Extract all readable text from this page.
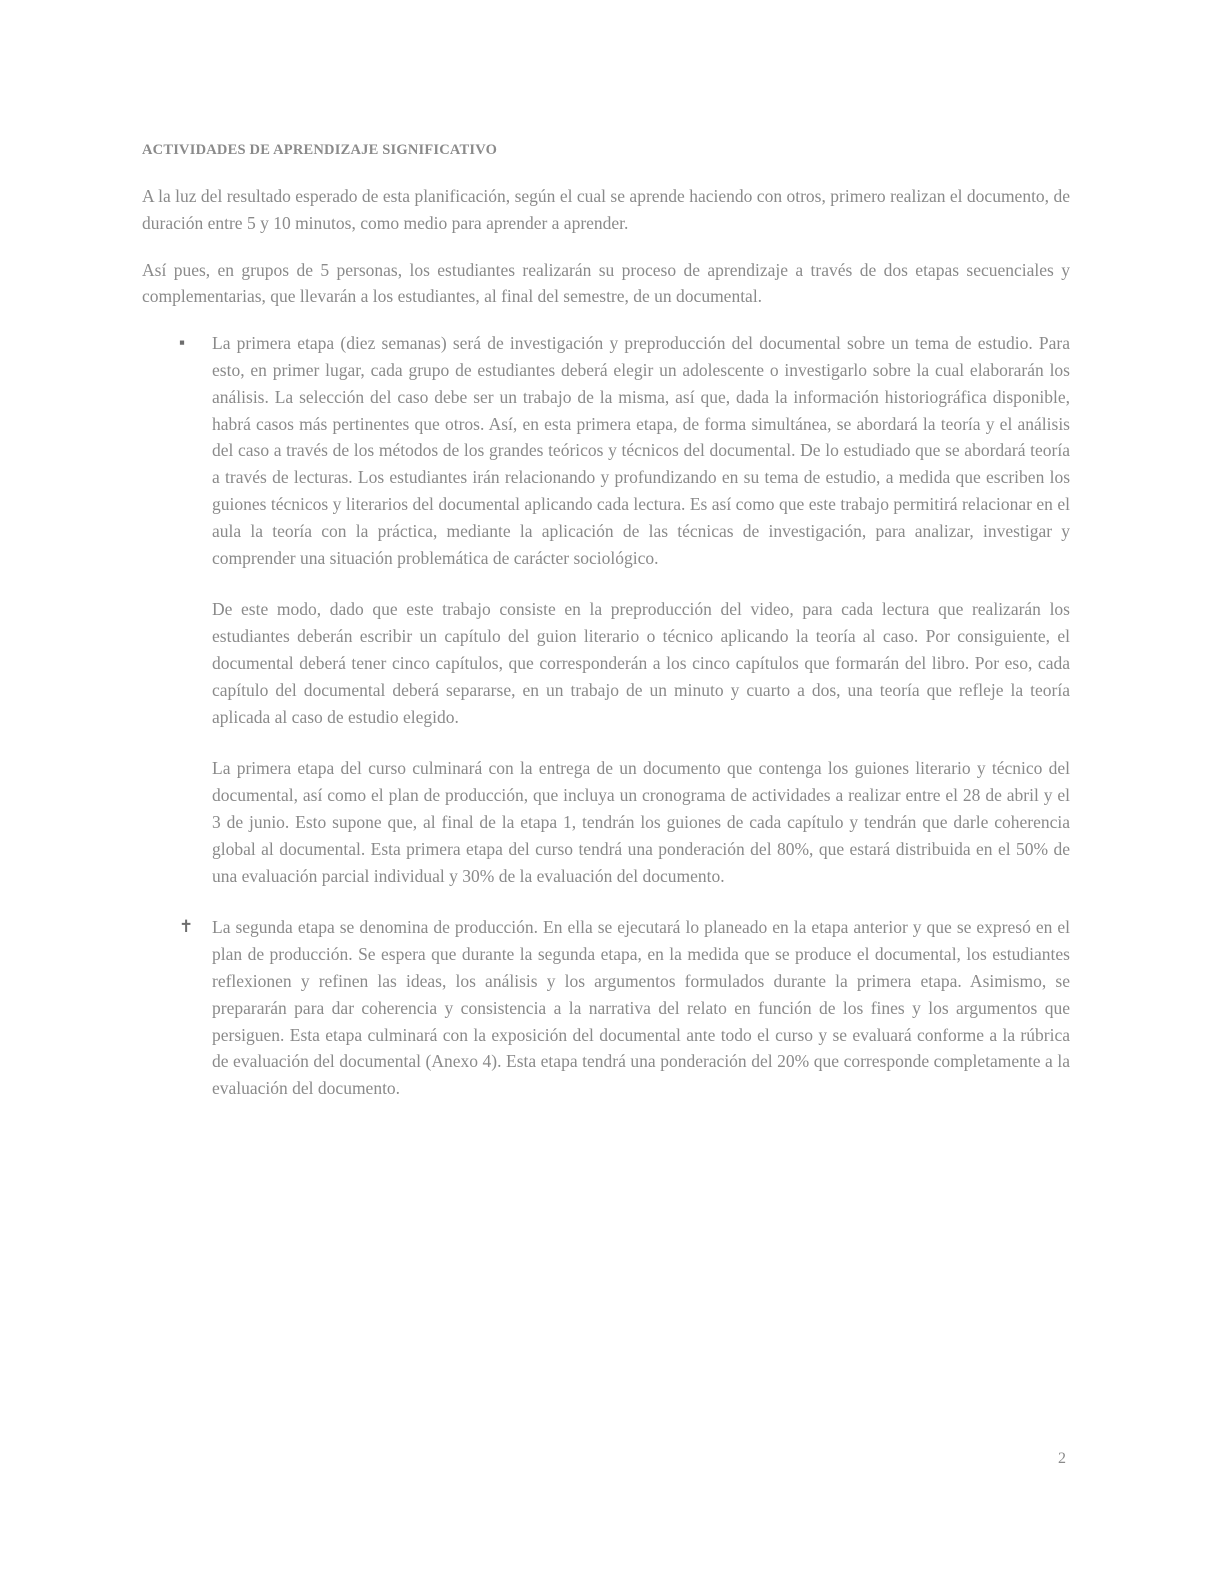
ACTIVIDADES DE APRENDIZAJE SIGNIFICATIVO

A la luz del resultado esperado de esta planificación, según el cual se aprende haciendo con otros, primero realizan el documento, de duración entre 5 y 10 minutos, como medio para aprender a aprender.

Así pues, en grupos de 5 personas, los estudiantes realizarán su proceso de aprendizaje a través de dos etapas secuenciales y complementarias, que llevarán a los estudiantes, al final del semestre, de un documental.

▪ La primera etapa (diez semanas) será de investigación y preproducción del documental sobre un tema de estudio. Para esto, en primer lugar, cada grupo de estudiantes deberá elegir un adolescente o investigarlo sobre la cual elaborarán los análisis. La selección del caso debe ser un trabajo de la misma, así que, dada la información historiográfica disponible, habrá casos más pertinentes que otros. Así, en esta primera etapa, de forma simultánea, se abordará la teoría y el análisis del caso a través de los métodos de los grandes teóricos y técnicos del documental. De lo estudiado que se abordará teoría a través de lecturas. Los estudiantes irán relacionando y profundizando en su tema de estudio, a medida que escriben los guiones técnicos y literarios del documental aplicando cada lectura. Es así como que este trabajo permitirá relacionar en el aula la teoría con la práctica, mediante la aplicación de las técnicas de investigación, para analizar, investigar y comprender una situación problemática de carácter sociológico.

De este modo, dado que este trabajo consiste en la preproducción del video, para cada lectura que realizarán los estudiantes deberán escribir un capítulo del guion literario o técnico aplicando la teoría al caso. Por consiguiente, el documental deberá tener cinco capítulos, que corresponderán a los cinco capítulos que formarán del libro. Por eso, cada capítulo del documental deberá separarse, en un trabajo de un minuto y cuarto a dos, una teoría que refleje la teoría aplicada al caso de estudio elegido.

La primera etapa del curso culminará con la entrega de un documento que contenga los guiones literario y técnico del documental, así como el plan de producción, que incluya un cronograma de actividades a realizar entre el 28 de abril y el 3 de junio. Esto supone que, al final de la etapa 1, tendrán los guiones de cada capítulo y tendrán que darle coherencia global al documental. Esta primera etapa del curso tendrá una ponderación del 80%, que estará distribuida en el 50% de una evaluación parcial individual y 30% de la evaluación del documento.

✝ La segunda etapa se denomina de producción. En ella se ejecutará lo planeado en la etapa anterior y que se expresó en el plan de producción. Se espera que durante la segunda etapa, en la medida que se produce el documental, los estudiantes reflexionen y refinen las ideas, los análisis y los argumentos formulados durante la primera etapa. Asimismo, se prepararán para dar coherencia y consistencia a la narrativa del relato en función de los fines y los argumentos que persiguen. Esta etapa culminará con la exposición del documental ante todo el curso y se evaluará conforme a la rúbrica de evaluación del documental (Anexo 4). Esta etapa tendrá una ponderación del 20% que corresponde completamente a la evaluación del documento.

2
